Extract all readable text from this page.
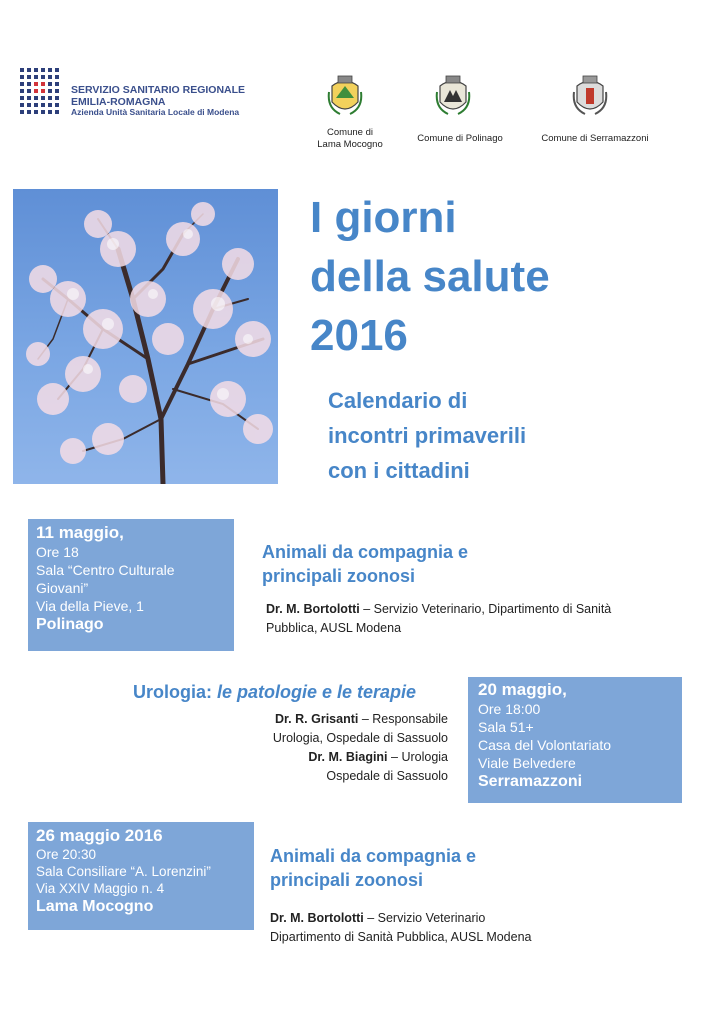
SERVIZIO SANITARIO REGIONALE
EMILIA-ROMAGNA
Azienda Unità Sanitaria Locale di Modena
Comune di
Lama Mocogno
Comune di Polinago	Comune di Serramazzoni
I giorni
della salute
2016
Calendario di
incontri primaverili
con i cittadini
11 maggio,
Ore 18
Sala “Centro Culturale
Giovani”
Via della Pieve, 1
Polinago
Animali da compagnia e
principali zoonosi
Dr. M. Bortolotti – Servizio Veterinario, Dipartimento di Sanità
Pubblica, AUSL Modena
Urologia: le patologie e le terapie
Dr. R. Grisanti – Responsabile
Urologia, Ospedale di Sassuolo
Dr. M. Biagini – Urologia
Ospedale di Sassuolo
20 maggio,
Ore 18:00
Sala 51+
Casa del Volontariato
Viale Belvedere
Serramazzoni
26 maggio 2016
Ore 20:30
Sala Consiliare “A. Lorenzini”
Via XXIV Maggio n. 4
Lama Mocogno
Animali da compagnia e
principali zoonosi
Dr. M. Bortolotti – Servizio Veterinario
Dipartimento di Sanità Pubblica, AUSL Modena
